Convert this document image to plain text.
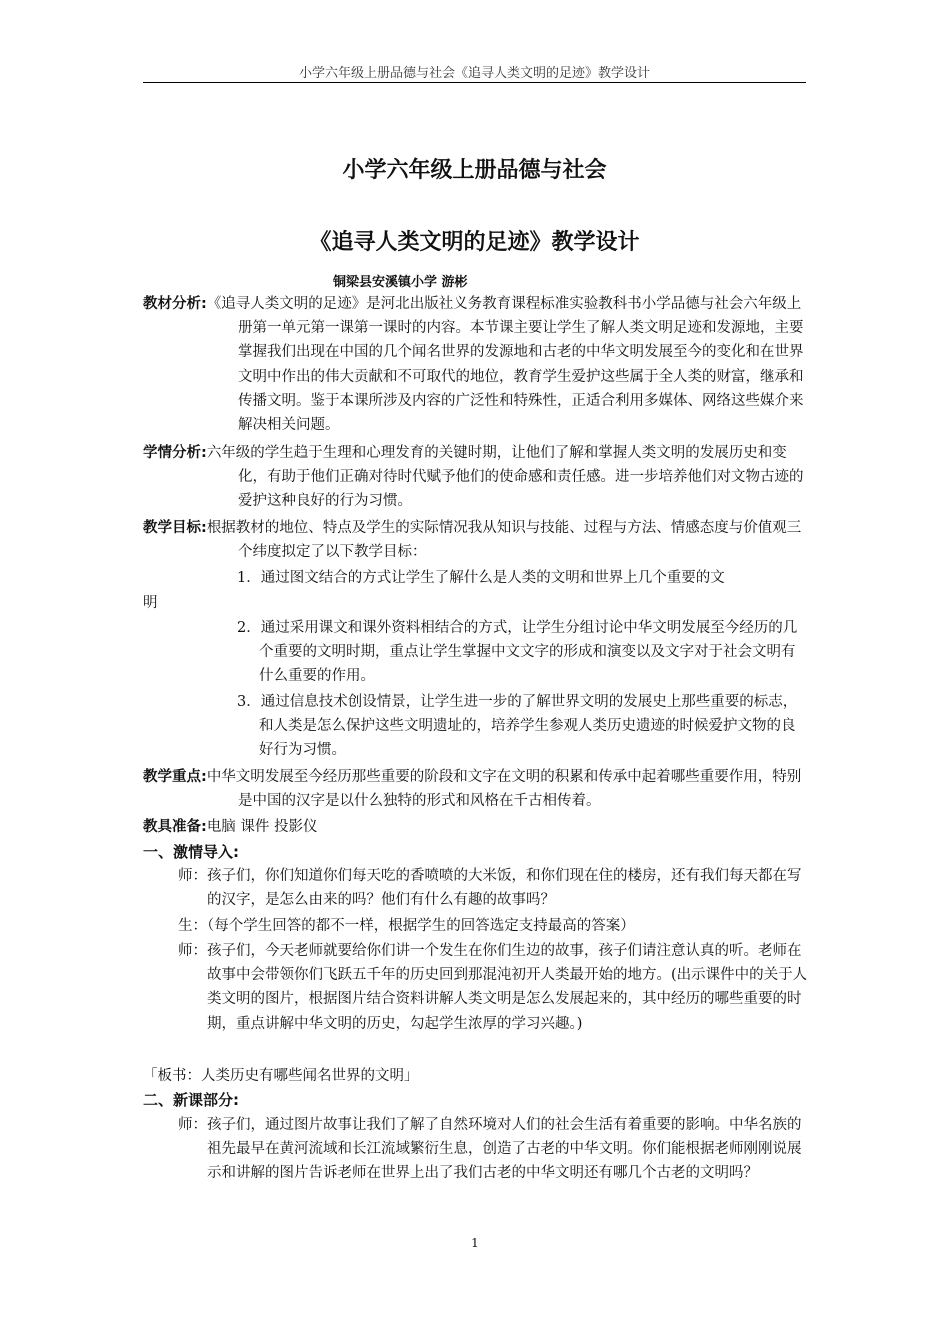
小学六年级上册品德与社会《追寻人类文明的足迹》教学设计
小学六年级上册品德与社会
《追寻人类文明的足迹》教学设计
铜梁县安溪镇小学 游彬
教材分析:《追寻人类文明的足迹》是河北出版社义务教育课程标准实验教科书小学品德与社会六年级上册第一单元第一课第一课时的内容。本节课主要让学生了解人类文明足迹和发源地，主要掌握我们出现在中国的几个闻名世界的发源地和古老的中华文明发展至今的变化和在世界文明中作出的伟大贡献和不可取代的地位，教育学生爱护这些属于全人类的财富，继承和传播文明。鉴于本课所涉及内容的广泛性和特殊性，正适合利用多媒体、网络这些媒介来解决相关问题。
学情分析:六年级的学生趋于生理和心理发育的关键时期，让他们了解和掌握人类文明的发展历史和变化，有助于他们正确对待时代赋予他们的使命感和责任感。进一步培养他们对文物古迹的爱护这种良好的行为习惯。
教学目标:根据教材的地位、特点及学生的实际情况我从知识与技能、过程与方法、情感态度与价值观三个纬度拟定了以下教学目标：
1．通过图文结合的方式让学生了解什么是人类的文明和世界上几个重要的文
明
2．通过采用课文和课外资料相结合的方式，让学生分组讨论中华文明发展至今经历的几个重要的文明时期，重点让学生掌握中文文字的形成和演变以及文字对于社会文明有什么重要的作用。
3．通过信息技术创设情景，让学生进一步的了解世界文明的发展史上那些重要的标志，和人类是怎么保护这些文明遗址的，培养学生参观人类历史遗迹的时候爱护文物的良好行为习惯。
教学重点:中华文明发展至今经历那些重要的阶段和文字在文明的积累和传承中起着哪些重要作用，特别是中国的汉字是以什么独特的形式和风格在千古相传着。
教具准备:电脑 课件 投影仪
一、激情导入:
师：孩子们，你们知道你们每天吃的香喷喷的大米饭，和你们现在住的楼房，还有我们每天都在写的汉字，是怎么由来的吗？他们有什么有趣的故事吗？
生：（每个学生回答的都不一样，根据学生的回答选定支持最高的答案）
师：孩子们，今天老师就要给你们讲一个发生在你们生边的故事，孩子们请注意认真的听。老师在故事中会带领你们飞跃五千年的历史回到那混沌初开人类最开始的地方。(出示课件中的关于人类文明的图片，根据图片结合资料讲解人类文明是怎么发展起来的，其中经历的哪些重要的时期，重点讲解中华文明的历史，勾起学生浓厚的学习兴趣。)
「板书：人类历史有哪些闻名世界的文明」
二、新课部分:
师：孩子们，通过图片故事让我们了解了自然环境对人们的社会生活有着重要的影响。中华名族的祖先最早在黄河流域和长江流域繁衍生息，创造了古老的中华文明。你们能根据老师刚刚说展示和讲解的图片告诉老师在世界上出了我们古老的中华文明还有哪几个古老的文明吗？
1
